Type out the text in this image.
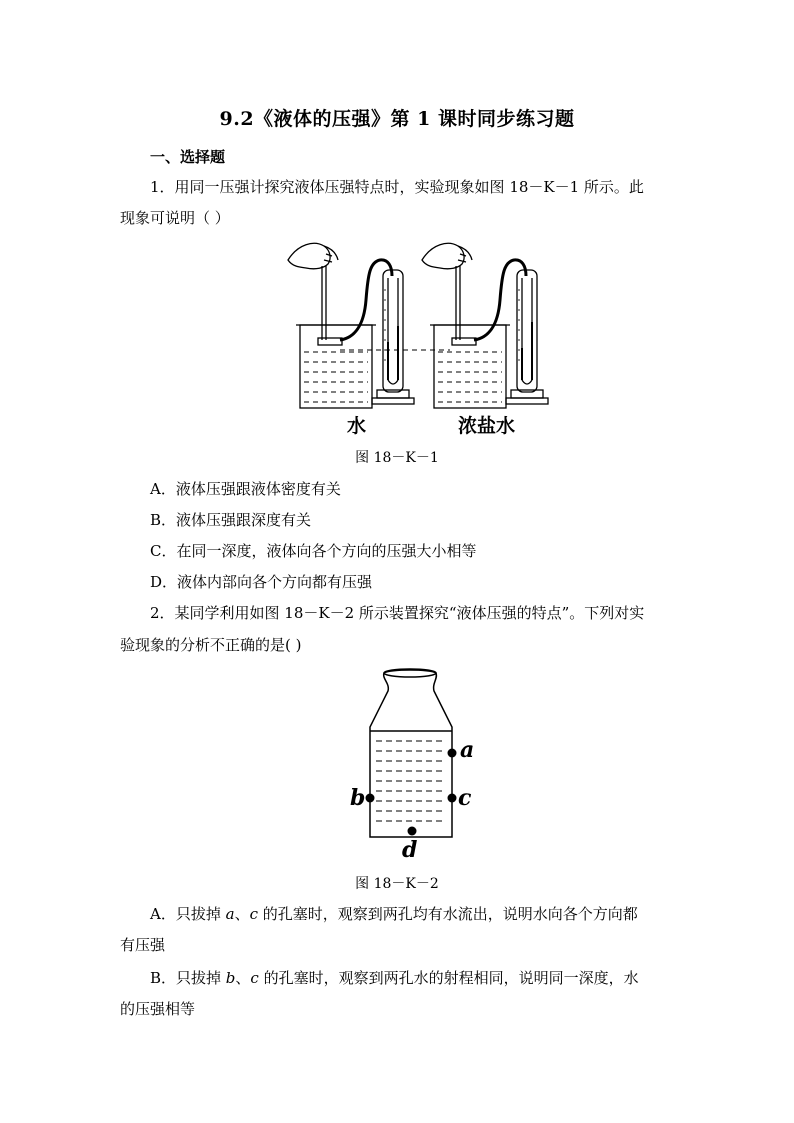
9.2《液体的压强》第 1 课时同步练习题
一、选择题
1．用同一压强计探究液体压强特点时，实验现象如图 18－K－1 所示。此
现象可说明（ ）
水	浓盐水
图 18－K－1
A．液体压强跟液体密度有关
B．液体压强跟深度有关
C．在同一深度，液体向各个方向的压强大小相等
D．液体内部向各个方向都有压强
2．某同学利用如图 18－K－2 所示装置探究“液体压强的特点”。下列对实
验现象的分析不正确的是( )
a
b	c
d
图 18－K－2
A．只拔掉 a、c 的孔塞时，观察到两孔均有水流出，说明水向各个方向都
有压强
B．只拔掉 b、c 的孔塞时，观察到两孔水的射程相同，说明同一深度，水
的压强相等
